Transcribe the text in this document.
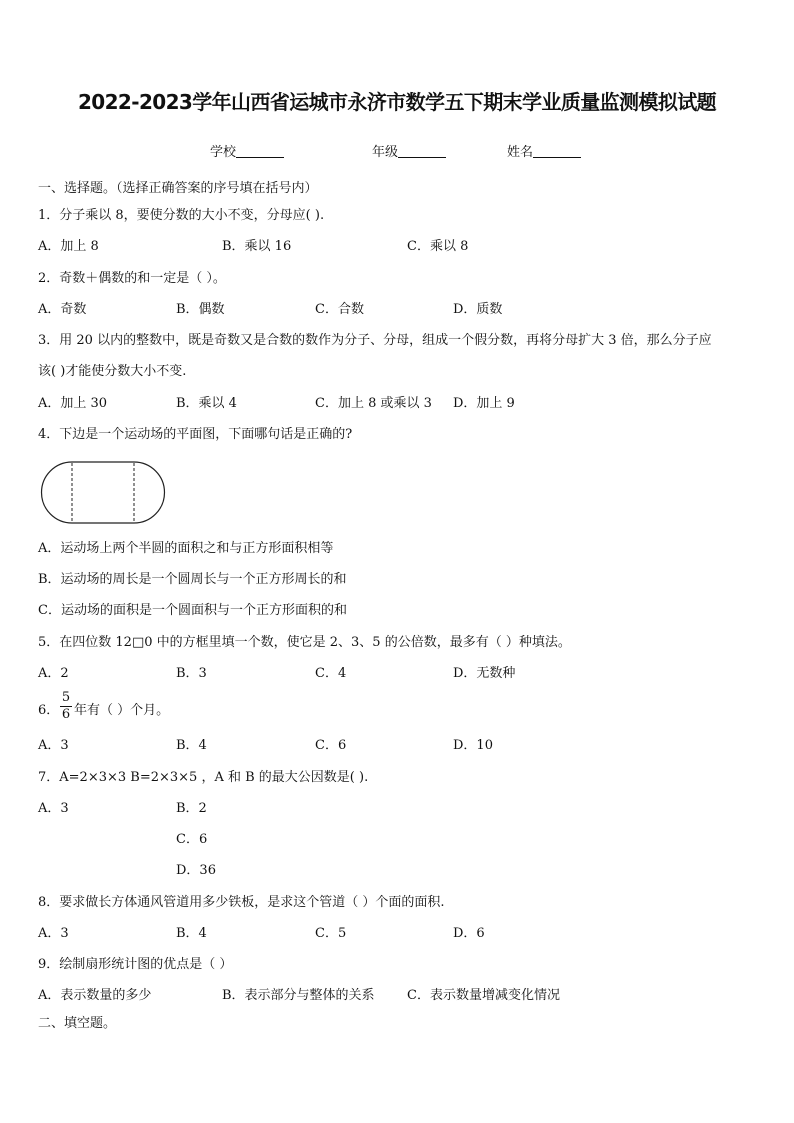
2022-2023学年山西省运城市永济市数学五下期末学业质量监测模拟试题
学校	年级	姓名
一、选择题。（选择正确答案的序号填在括号内）
1．分子乘以 8，要使分数的大小不变，分母应( ).
A．加上 8	B．乘以 16	C．乘以 8
2．奇数＋偶数的和一定是（ ）。
A．奇数	B．偶数	C．合数	D．质数
3．用 20 以内的整数中，既是奇数又是合数的数作为分子、分母，组成一个假分数，再将分母扩大 3 倍，那么分子应
该( )才能使分数大小不变.
A．加上 30	B．乘以 4	C．加上 8 或乘以 3 D．加上 9
4．下边是一个运动场的平面图，下面哪句话是正确的?
A．运动场上两个半圆的面积之和与正方形面积相等
B．运动场的周长是一个圆周长与一个正方形周长的和
C．运动场的面积是一个圆面积与一个正方形面积的和
5．在四位数 12□0 中的方框里填一个数，使它是 2、3、5 的公倍数，最多有（ ）种填法。
A．2	B．3	C．4	D．无数种
6．
5
6 年有（ ）个月。
A．3	B．4	C．6	D．10
7．A=2×3×3 B=2×3×5 ，A 和 B 的最大公因数是( ).
A．3	B．2
C．6
D．36
8．要求做长方体通风管道用多少铁板，是求这个管道（ ）个面的面积.
A．3	B．4	C．5	D．6
9．绘制扇形统计图的优点是（ ）
A．表示数量的多少	B．表示部分与整体的关系 C．表示数量增减变化情况
二、填空题。
